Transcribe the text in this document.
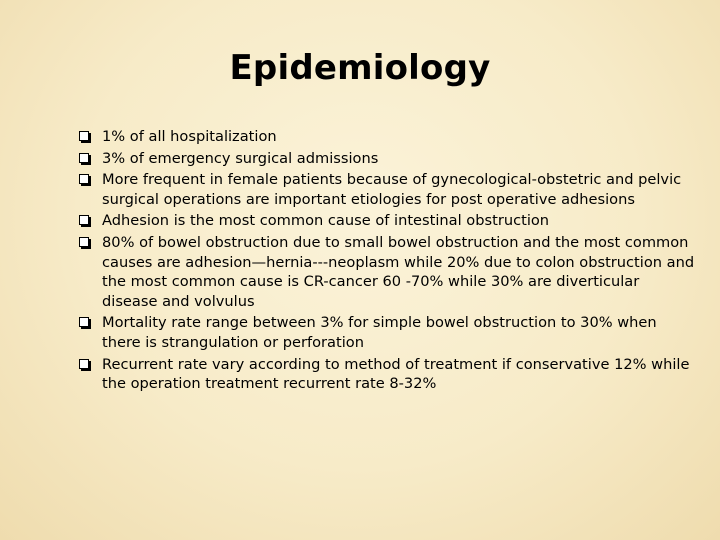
Epidemiology
1% of all hospitalization
3% of emergency surgical admissions
More frequent in female patients because of gynecological-obstetric and pelvic surgical operations are important etiologies for post operative adhesions
Adhesion is the most common cause of intestinal obstruction
80% of bowel obstruction due to small bowel obstruction and the most common causes are adhesion—hernia---neoplasm while 20% due to colon obstruction and the most common cause is CR-cancer 60 -70% while 30% are diverticular disease and volvulus
Mortality rate range between 3% for simple bowel obstruction to 30% when there is strangulation or perforation
Recurrent rate vary according to method of treatment if conservative 12% while the operation treatment recurrent rate 8-32%
